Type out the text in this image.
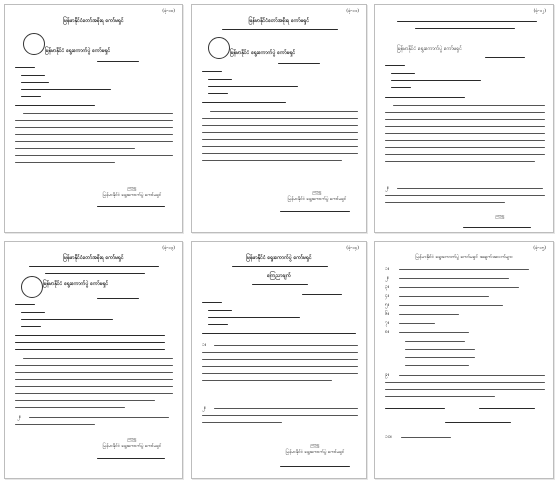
(ဖုံ-၁၀)
မြန်မာနိုင်ငံတော်အစိုးရ ကော်မရှင်
မြန်မာနိုင်ငံ ရွေးကောက်ပွဲ ကော်မရှင်
ဥက္ကဋ္ဌ
မြန်မာနိုင်ငံ ရွေးကောက်ပွဲ ကော်မရှင်
(ဖုံ-၁၁)
မြန်မာနိုင်ငံတော်အစိုးရ ကော်မရှင်
မြန်မာနိုင်ငံ ရွေးကောက်ပွဲ ကော်မရှင်
ဥက္ကဋ္ဌ
မြန်မာနိုင်ငံ ရွေးကောက်ပွဲ ကော်မရှင်
(ဖုံ-၁၂)
မြန်မာနိုင်ငံ ရွေးကောက်ပွဲ ကော်မရှင်
၂။
ဥက္ကဋ္ဌ
(ဖုံ-၁၃)
မြန်မာနိုင်ငံတော်အစိုးရ ကော်မရှင်
မြန်မာနိုင်ငံ ရွေးကောက်ပွဲ ကော်မရှင်
၂။
ဥက္ကဋ္ဌ
မြန်မာနိုင်ငံ ရွေးကောက်ပွဲ ကော်မရှင်
(ဖုံ-၁၄)
မြန်မာနိုင်ငံ ရွေးကောက်ပွဲ ကော်မရှင်
ကြေညာချက်
၁။
၂။
ဥက္ကဋ္ဌ
မြန်မာနိုင်ငံ ရွေးကောက်ပွဲ ကော်မရှင်
(ဖုံ-၁၅)
မြန်မာနိုင်ငံ ရွေးကောက်ပွဲ ကော်မရှင် အချက်အလက်များ
၁။
၂။
၃။
၄။
၅။
၆။
၇။
၈။
၉။
၁၀။
